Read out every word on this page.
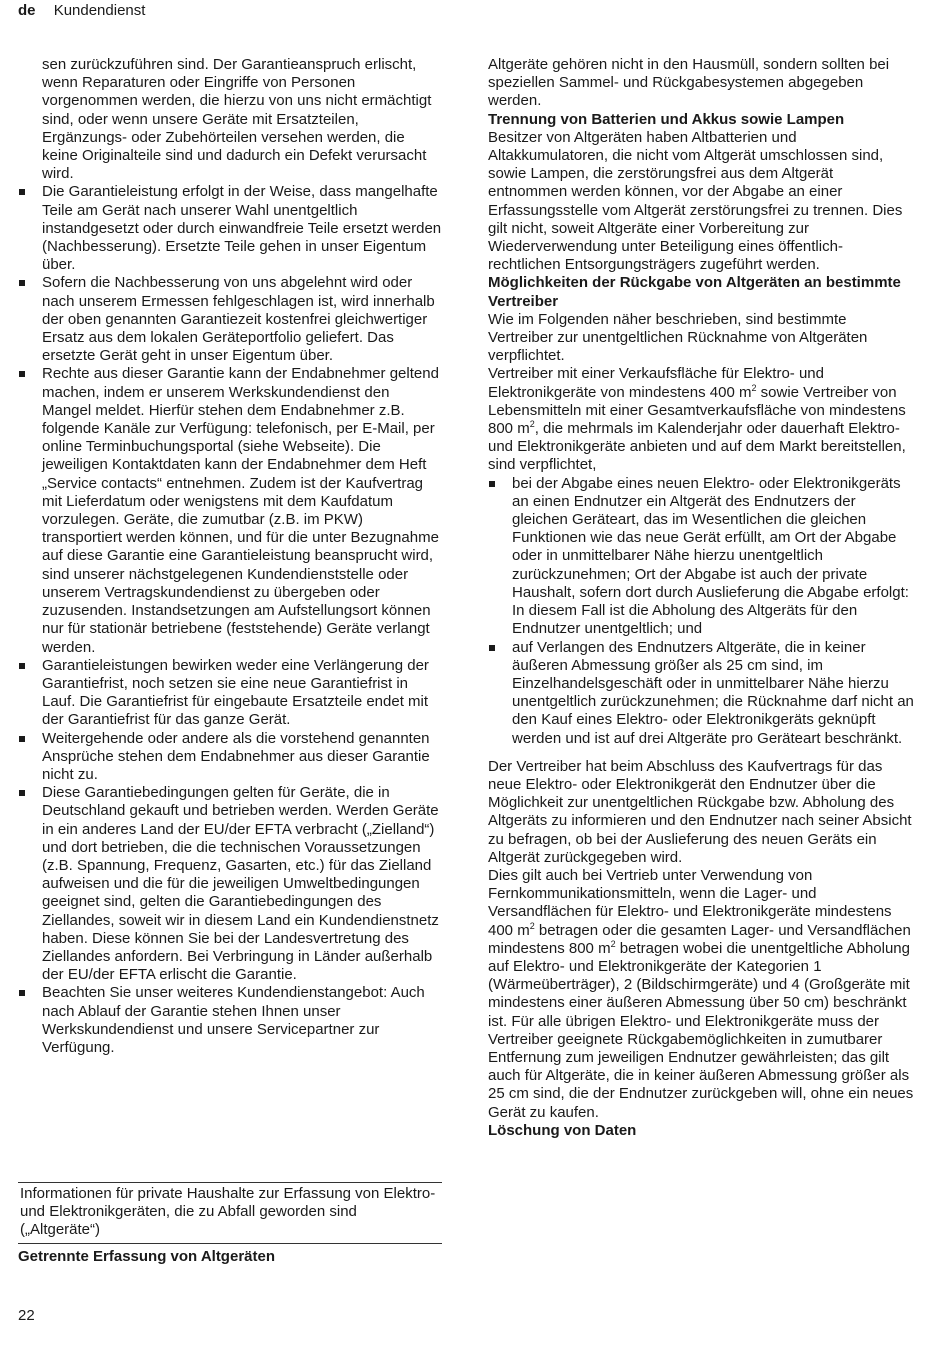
de Kundendienst
sen zurückzuführen sind. Der Garantieanspruch erlischt, wenn Reparaturen oder Eingriffe von Personen vorgenommen werden, die hierzu von uns nicht ermächtigt sind, oder wenn unsere Geräte mit Ersatzteilen, Ergänzungs- oder Zubehörteilen versehen werden, die keine Originalteile sind und dadurch ein Defekt verursacht wird.
Die Garantieleistung erfolgt in der Weise, dass mangelhafte Teile am Gerät nach unserer Wahl unentgeltlich instandgesetzt oder durch einwandfreie Teile ersetzt werden (Nachbesserung). Ersetzte Teile gehen in unser Eigentum über.
Sofern die Nachbesserung von uns abgelehnt wird oder nach unserem Ermessen fehlgeschlagen ist, wird innerhalb der oben genannten Garantiezeit kostenfrei gleichwertiger Ersatz aus dem lokalen Geräteportfolio geliefert. Das ersetzte Gerät geht in unser Eigentum über.
Rechte aus dieser Garantie kann der Endabnehmer geltend machen, indem er unserem Werkskundendienst den Mangel meldet. Hierfür stehen dem Endabnehmer z.B. folgende Kanäle zur Verfügung: telefonisch, per E-Mail, per online Terminbuchungsportal (siehe Webseite). Die jeweiligen Kontaktdaten kann der Endabnehmer dem Heft „Service contacts“ entnehmen. Zudem ist der Kaufvertrag mit Lieferdatum oder wenigstens mit dem Kaufdatum vorzulegen. Geräte, die zumutbar (z.B. im PKW) transportiert werden können, und für die unter Bezugnahme auf diese Garantie eine Garantieleistung beansprucht wird, sind unserer nächstgelegenen Kundendienststelle oder unserem Vertragskundendienst zu übergeben oder zuzusenden. Instandsetzungen am Aufstellungsort können nur für stationär betriebene (feststehende) Geräte verlangt werden.
Garantieleistungen bewirken weder eine Verlängerung der Garantiefrist, noch setzen sie eine neue Garantiefrist in Lauf. Die Garantiefrist für eingebaute Ersatzteile endet mit der Garantiefrist für das ganze Gerät.
Weitergehende oder andere als die vorstehend genannten Ansprüche stehen dem Endabnehmer aus dieser Garantie nicht zu.
Diese Garantiebedingungen gelten für Geräte, die in Deutschland gekauft und betrieben werden. Werden Geräte in ein anderes Land der EU/der EFTA verbracht („Zielland“) und dort betrieben, die die technischen Voraussetzungen (z.B. Spannung, Frequenz, Gasarten, etc.) für das Zielland aufweisen und die für die jeweiligen Umweltbedingungen geeignet sind, gelten die Garantiebedingungen des Ziellandes, soweit wir in diesem Land ein Kundendienstnetz haben. Diese können Sie bei der Landesvertretung des Ziellandes anfordern. Bei Verbringung in Länder außerhalb der EU/der EFTA erlischt die Garantie.
Beachten Sie unser weiteres Kundendienstangebot: Auch nach Ablauf der Garantie stehen Ihnen unser Werkskundendienst und unsere Servicepartner zur Verfügung.
Informationen für private Haushalte zur Erfassung von Elektro- und Elektronikgeräten, die zu Abfall geworden sind („Altgeräte“)
Getrennte Erfassung von Altgeräten
Altgeräte gehören nicht in den Hausmüll, sondern sollten bei speziellen Sammel- und Rückgabesystemen abgegeben werden.
Trennung von Batterien und Akkus sowie Lampen
Besitzer von Altgeräten haben Altbatterien und Altakkumulatoren, die nicht vom Altgerät umschlossen sind, sowie Lampen, die zerstörungsfrei aus dem Altgerät entnommen werden können, vor der Abgabe an einer Erfassungsstelle vom Altgerät zerstörungsfrei zu trennen. Dies gilt nicht, soweit Altgeräte einer Vorbereitung zur Wiederverwendung unter Beteiligung eines öffentlich-rechtlichen Entsorgungsträgers zugeführt werden.
Möglichkeiten der Rückgabe von Altgeräten an bestimmte Vertreiber
Wie im Folgenden näher beschrieben, sind bestimmte Vertreiber zur unentgeltlichen Rücknahme von Altgeräten verpflichtet.
Vertreiber mit einer Verkaufsfläche für Elektro- und Elektronikgeräte von mindestens 400 $m^2$ sowie Vertreiber von Lebensmitteln mit einer Gesamtverkaufsfläche von mindestens 800 $m^2$, die mehrmals im Kalenderjahr oder dauerhaft Elektro- und Elektronikgeräte anbieten und auf dem Markt bereitstellen, sind verpflichtet,
bei der Abgabe eines neuen Elektro- oder Elektronikgeräts an einen Endnutzer ein Altgerät des Endnutzers der gleichen Geräteart, das im Wesentlichen die gleichen Funktionen wie das neue Gerät erfüllt, am Ort der Abgabe oder in unmittelbarer Nähe hierzu unentgeltlich zurückzunehmen; Ort der Abgabe ist auch der private Haushalt, sofern dort durch Auslieferung die Abgabe erfolgt: In diesem Fall ist die Abholung des Altgeräts für den Endnutzer unentgeltlich; und
auf Verlangen des Endnutzers Altgeräte, die in keiner äußeren Abmessung größer als 25 cm sind, im Einzelhandelsgeschäft oder in unmittelbarer Nähe hierzu unentgeltlich zurückzunehmen; die Rücknahme darf nicht an den Kauf eines Elektro- oder Elektronikgeräts geknüpft werden und ist auf drei Altgeräte pro Geräteart beschränkt.
Der Vertreiber hat beim Abschluss des Kaufvertrags für das neue Elektro- oder Elektronikgerät den Endnutzer über die Möglichkeit zur unentgeltlichen Rückgabe bzw. Abholung des Altgeräts zu informieren und den Endnutzer nach seiner Absicht zu befragen, ob bei der Auslieferung des neuen Geräts ein Altgerät zurückgegeben wird.
Dies gilt auch bei Vertrieb unter Verwendung von Fernkommunikationsmitteln, wenn die Lager- und Versandflächen für Elektro- und Elektronikgeräte mindestens 400 $m^2$ betragen oder die gesamten Lager- und Versandflächen mindestens 800 $m^2$ betragen wobei die unentgeltliche Abholung auf Elektro- und Elektronikgeräte der Kategorien 1 (Wärmeüberträger), 2 (Bildschirmgeräte) und 4 (Großgeräte mit mindestens einer äußeren Abmessung über 50 cm) beschränkt ist. Für alle übrigen Elektro- und Elektronikgeräte muss der Vertreiber geeignete Rückgabemöglichkeiten in zumutbarer Entfernung zum jeweiligen Endnutzer gewährleisten; das gilt auch für Altgeräte, die in keiner äußeren Abmessung größer als 25 cm sind, die der Endnutzer zurückgeben will, ohne ein neues Gerät zu kaufen.
Löschung von Daten
22
